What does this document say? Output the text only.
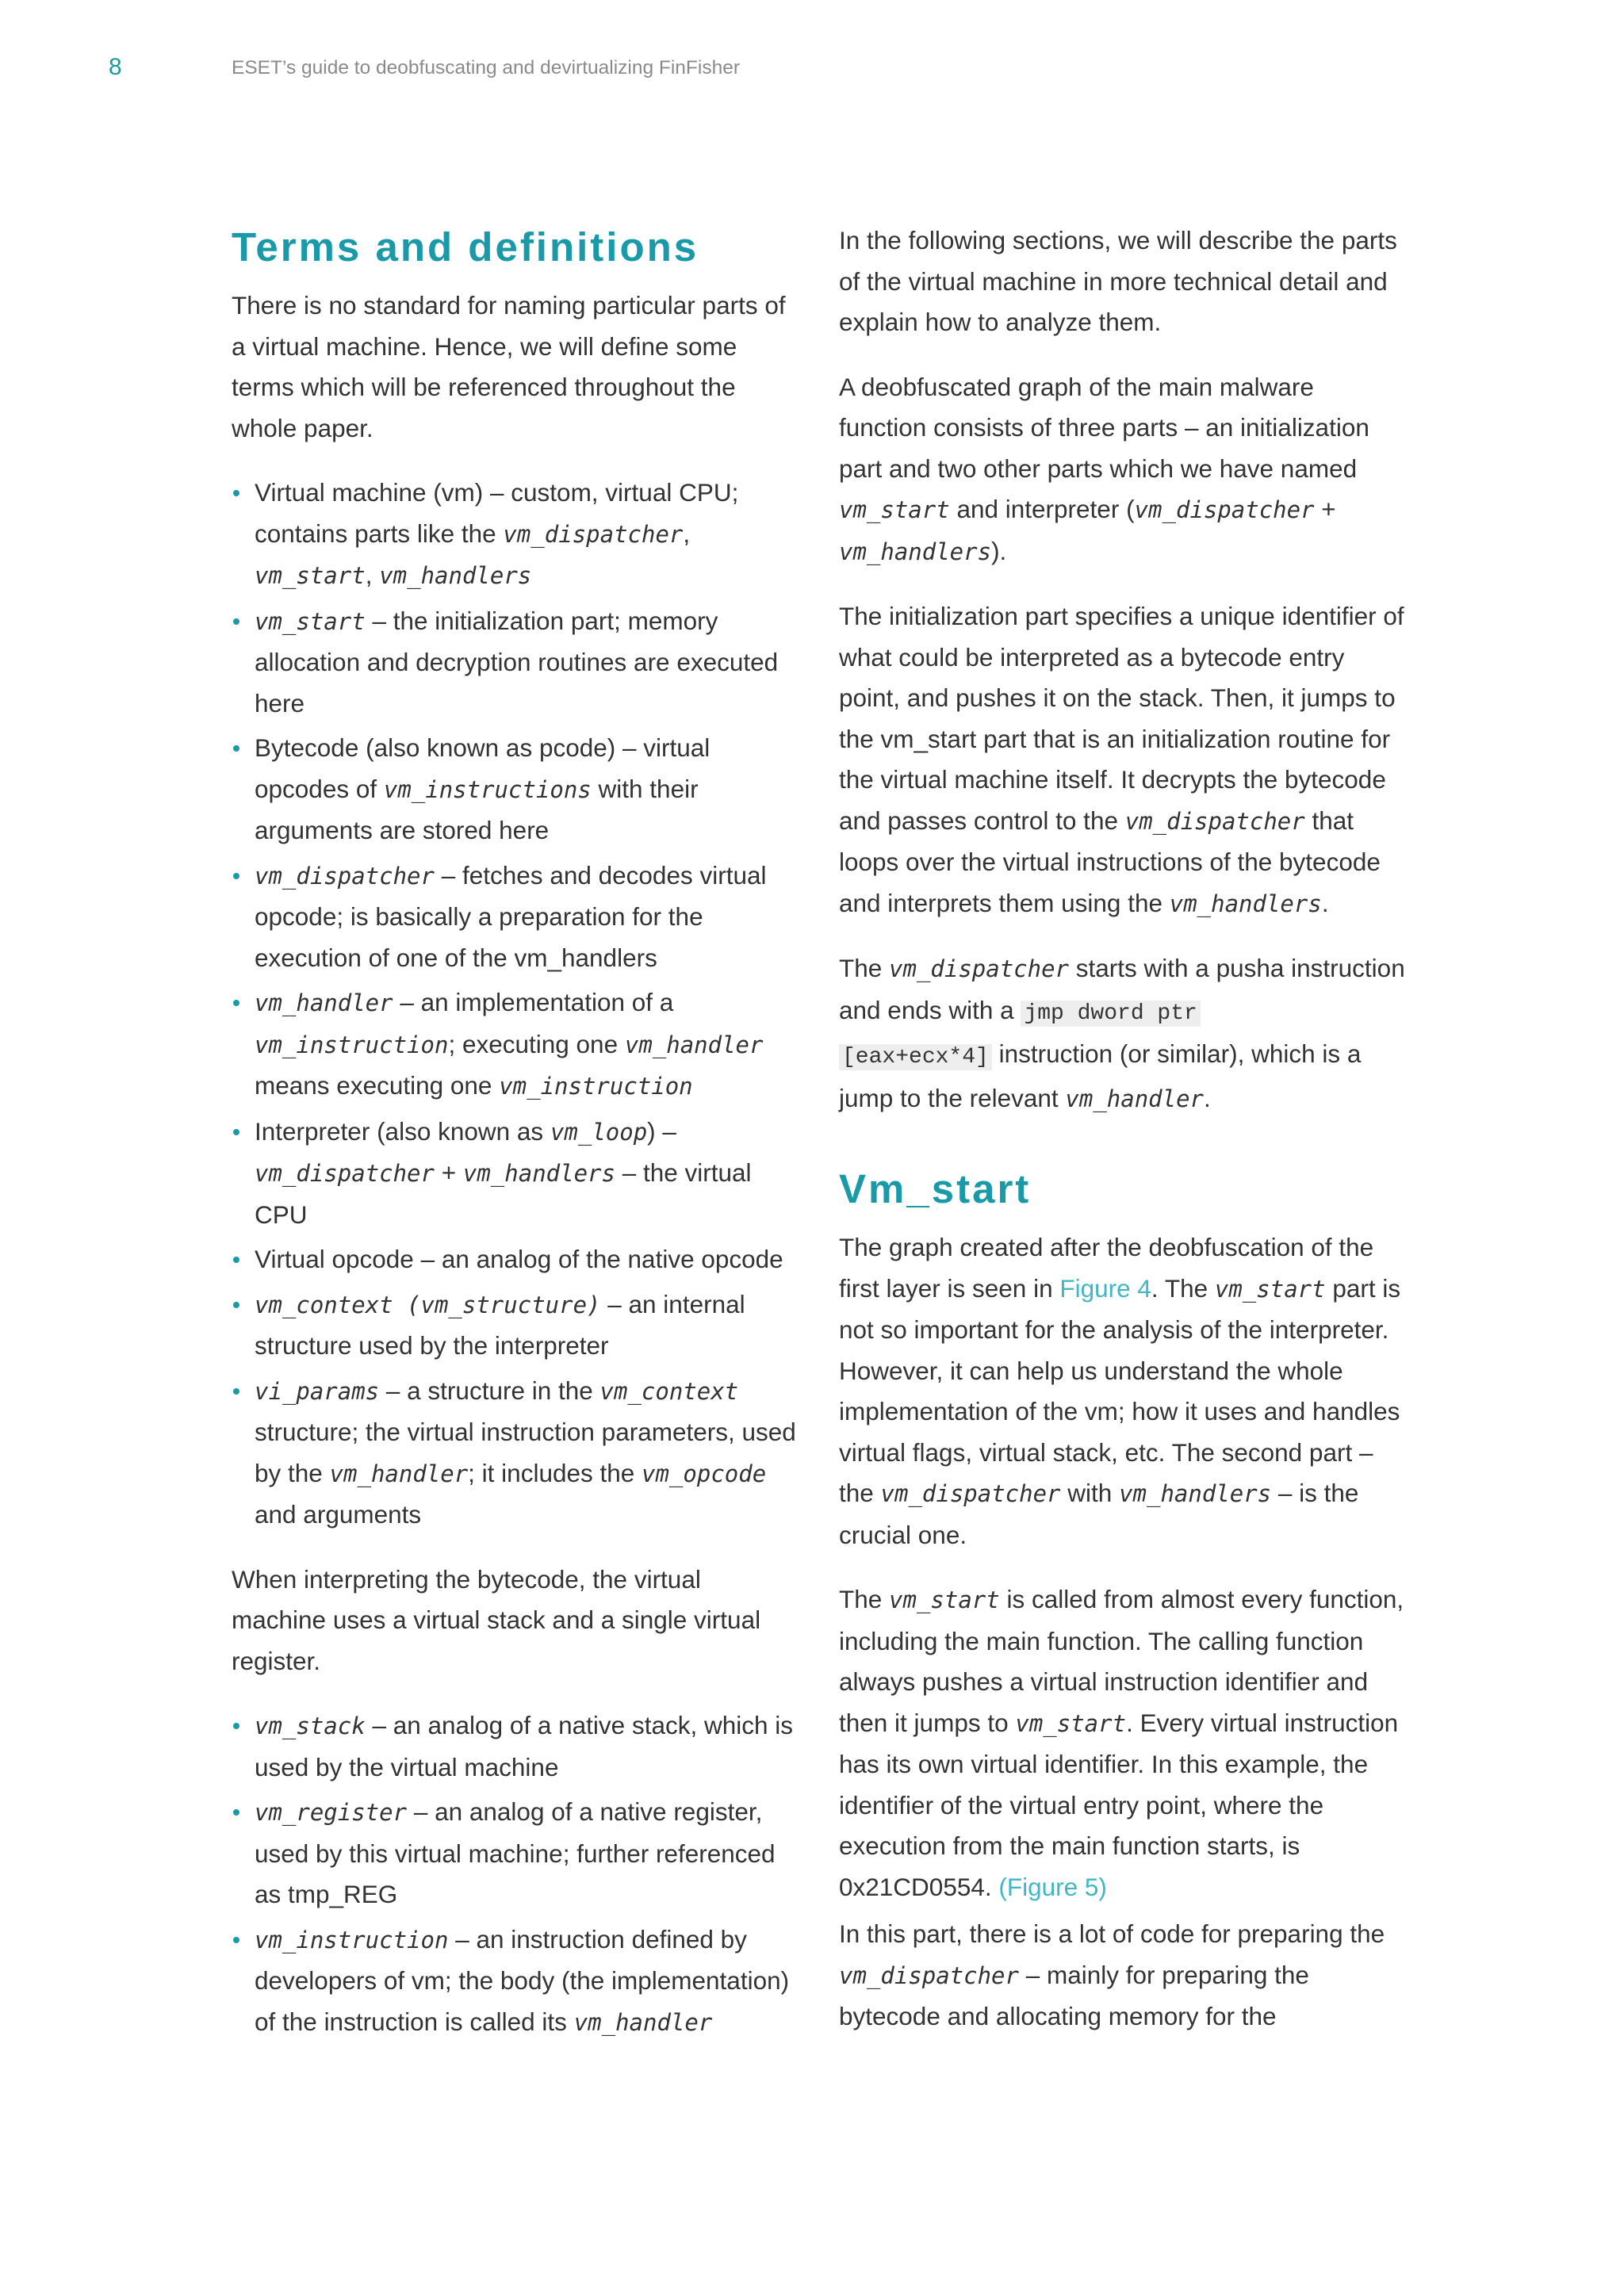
8	ESET’s guide to deobfuscating and devirtualizing FinFisher
Terms and definitions

There is no standard for naming particular parts of a virtual machine. Hence, we will define some terms which will be referenced throughout the whole paper.

Virtual machine (vm) – custom, virtual CPU; contains parts like the vm_dispatcher, vm_start, vm_handlers
vm_start – the initialization part; memory allocation and decryption routines are executed here
Bytecode (also known as pcode) – virtual opcodes of vm_instructions with their arguments are stored here
vm_dispatcher – fetches and decodes virtual opcode; is basically a preparation for the execution of one of the vm_handlers
vm_handler – an implementation of a vm_instruction; executing one vm_handler means executing one vm_instruction
Interpreter (also known as vm_loop) – vm_dispatcher + vm_handlers – the virtual CPU
Virtual opcode – an analog of the native opcode
vm_context (vm_structure) – an internal structure used by the interpreter
vi_params – a structure in the vm_context structure; the virtual instruction parameters, used by the vm_handler; it includes the vm_opcode and arguments

When interpreting the bytecode, the virtual machine uses a virtual stack and a single virtual register.

vm_stack – an analog of a native stack, which is used by the virtual machine
vm_register – an analog of a native register, used by this virtual machine; further referenced as tmp_REG
vm_instruction – an instruction defined by developers of vm; the body (the implementation) of the instruction is called its vm_handler

In the following sections, we will describe the parts of the virtual machine in more technical detail and explain how to analyze them.

A deobfuscated graph of the main malware function consists of three parts – an initialization part and two other parts which we have named vm_start and interpreter (vm_dispatcher + vm_handlers).

The initialization part specifies a unique identifier of what could be interpreted as a bytecode entry point, and pushes it on the stack. Then, it jumps to the vm_start part that is an initialization routine for the virtual machine itself. It decrypts the bytecode and passes control to the vm_dispatcher that loops over the virtual instructions of the bytecode and interprets them using the vm_handlers.

The vm_dispatcher starts with a pusha instruction and ends with a jmp dword ptr
[eax+ecx*4] instruction (or similar), which is a jump to the relevant vm_handler.

Vm_start

The graph created after the deobfuscation of the first layer is seen in Figure 4. The vm_start part is not so important for the analysis of the interpreter. However, it can help us understand the whole implementation of the vm; how it uses and handles virtual flags, virtual stack, etc. The second part – the vm_dispatcher with vm_handlers – is the crucial one.

The vm_start is called from almost every function, including the main function. The calling function always pushes a virtual instruction identifier and then it jumps to vm_start. Every virtual instruction has its own virtual identifier. In this example, the identifier of the virtual entry point, where the execution from the main function starts, is 0x21CD0554. (Figure 5)

In this part, there is a lot of code for preparing the vm_dispatcher – mainly for preparing the bytecode and allocating memory for the
